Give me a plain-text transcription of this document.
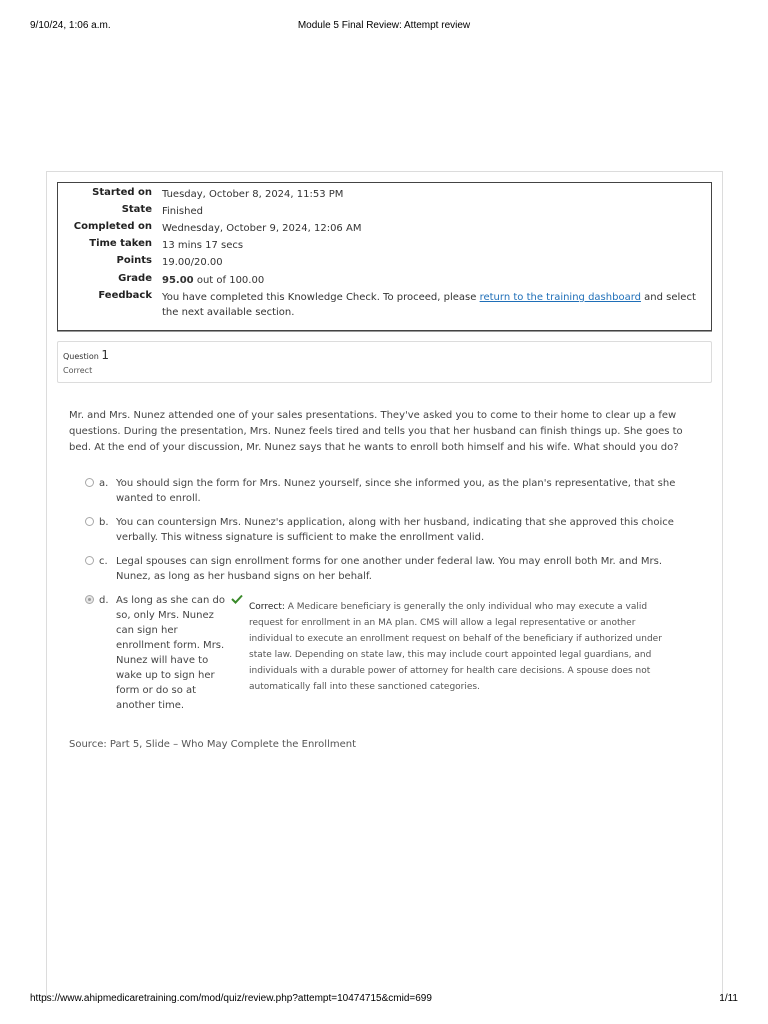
9/10/24, 1:06 a.m.	Module 5 Final Review: Attempt review
Started on Tuesday, October 8, 2024, 11:53 PM
State Finished
Completed on Wednesday, October 9, 2024, 12:06 AM
Time taken 13 mins 17 secs
Points 19.00/20.00
Grade 95.00 out of 100.00
Feedback You have completed this Knowledge Check. To proceed, please return to the training dashboard and select the next available section.
Question 1
Correct
Mr. and Mrs. Nunez attended one of your sales presentations. They've asked you to come to their home to clear up a few questions. During the presentation, Mrs. Nunez feels tired and tells you that her husband can finish things up. She goes to bed. At the end of your discussion, Mr. Nunez says that he wants to enroll both himself and his wife. What should you do?
a. You should sign the form for Mrs. Nunez yourself, since she informed you, as the plan's representative, that she wanted to enroll.
b. You can countersign Mrs. Nunez's application, along with her husband, indicating that she approved this choice verbally. This witness signature is sufficient to make the enrollment valid.
c. Legal spouses can sign enrollment forms for one another under federal law. You may enroll both Mr. and Mrs. Nunez, as long as her husband signs on her behalf.
d. As long as she can do so, only Mrs. Nunez can sign her enrollment form. Mrs. Nunez will have to wake up to sign her form or do so at another time.
Correct: A Medicare beneficiary is generally the only individual who may execute a valid request for enrollment in an MA plan. CMS will allow a legal representative or another individual to execute an enrollment request on behalf of the beneficiary if authorized under state law. Depending on state law, this may include court appointed legal guardians, and individuals with a durable power of attorney for health care decisions. A spouse does not automatically fall into these sanctioned categories.
Source: Part 5, Slide – Who May Complete the Enrollment
https://www.ahipmedicaretraining.com/mod/quiz/review.php?attempt=10474715&cmid=699	1/11
